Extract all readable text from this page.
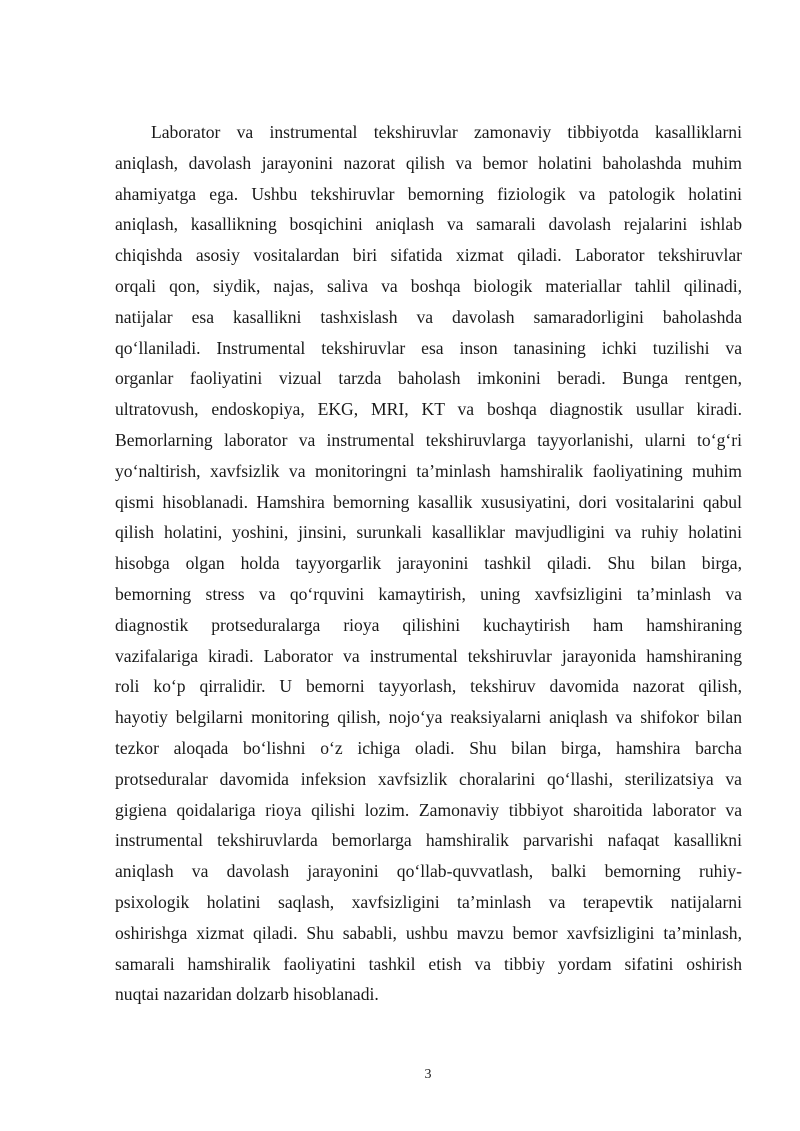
Laborator va instrumental tekshiruvlar zamonaviy tibbiyotda kasalliklarni
aniqlash, davolash jarayonini nazorat qilish va bemor holatini baholashda muhim
ahamiyatga ega. Ushbu tekshiruvlar bemorning fiziologik va patologik holatini
aniqlash, kasallikning bosqichini aniqlash va samarali davolash rejalarini ishlab
chiqishda asosiy vositalardan biri sifatida xizmat qiladi. Laborator tekshiruvlar
orqali qon, siydik, najas, saliva va boshqa biologik materiallar tahlil qilinadi,
natijalar esa kasallikni tashxislash va davolash samaradorligini baholashda
qo‘llaniladi. Instrumental tekshiruvlar esa inson tanasining ichki tuzilishi va
organlar faoliyatini vizual tarzda baholash imkonini beradi. Bunga rentgen,
ultratovush, endoskopiya, EKG, MRI, KT va boshqa diagnostik usullar kiradi.
Bemorlarning laborator va instrumental tekshiruvlarga tayyorlanishi, ularni to‘g‘ri
yo‘naltirish, xavfsizlik va monitoringni ta’minlash hamshiralik faoliyatining muhim
qismi hisoblanadi. Hamshira bemorning kasallik xususiyatini, dori vositalarini qabul
qilish holatini, yoshini, jinsini, surunkali kasalliklar mavjudligini va ruhiy holatini
hisobga olgan holda tayyorgarlik jarayonini tashkil qiladi. Shu bilan birga,
bemorning stress va qo‘rquvini kamaytirish, uning xavfsizligini ta’minlash va
diagnostik protseduralarga rioya qilishini kuchaytirish ham hamshiraning
vazifalariga kiradi. Laborator va instrumental tekshiruvlar jarayonida hamshiraning
roli ko‘p qirralidir. U bemorni tayyorlash, tekshiruv davomida nazorat qilish,
hayotiy belgilarni monitoring qilish, nojo‘ya reaksiyalarni aniqlash va shifokor bilan
tezkor aloqada bo‘lishni o‘z ichiga oladi. Shu bilan birga, hamshira barcha
protseduralar davomida infeksion xavfsizlik choralarini qo‘llashi, sterilizatsiya va
gigiena qoidalariga rioya qilishi lozim. Zamonaviy tibbiyot sharoitida laborator va
instrumental tekshiruvlarda bemorlarga hamshiralik parvarishi nafaqat kasallikni
aniqlash va davolash jarayonini qo‘llab-quvvatlash, balki bemorning ruhiy-
psixologik holatini saqlash, xavfsizligini ta’minlash va terapevtik natijalarni
oshirishga xizmat qiladi. Shu sababli, ushbu mavzu bemor xavfsizligini ta’minlash,
samarali hamshiralik faoliyatini tashkil etish va tibbiy yordam sifatini oshirish
nuqtai nazaridan dolzarb hisoblanadi.
3
